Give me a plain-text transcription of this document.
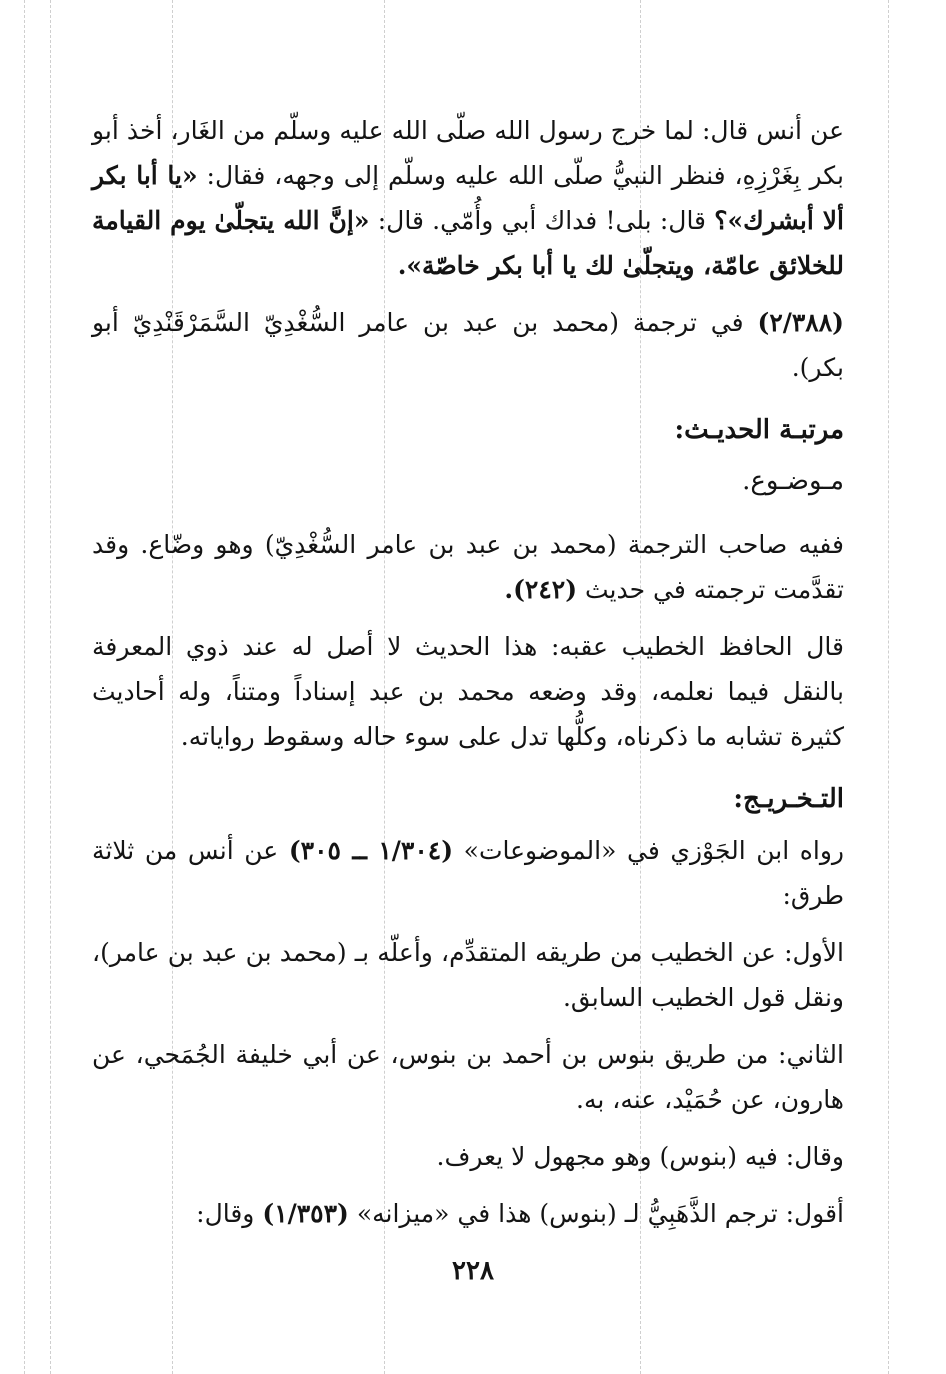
عن أنس قال: لما خرج رسول الله صلّى الله عليه وسلّم من الغَار، أخذ أبو بكر بِغَرْزِهِ، فنظر النبيُّ صلّى الله عليه وسلّم إلى وجهه، فقال: «يا أبا بكر ألا أبشرك»؟ قال: بلى! فداك أبي وأُمّي. قال: «إنَّ الله يتجلّىٰ يوم القيامة للخلائق عامّة، ويتجلّىٰ لك يا أبا بكر خاصّة».

(٢/٣٨٨) في ترجمة (محمد بن عبد بن عامر السُّغْدِيّ السَّمَرْقَنْدِيّ أبو بكر).

مرتبـة الحديـث:
مـوضـوع.

ففيه صاحب الترجمة (محمد بن عبد بن عامر السُّغْدِيّ) وهو وضّاع. وقد تقدَّمت ترجمته في حديث (٢٤٢).

قال الحافظ الخطيب عقبه: هذا الحديث لا أصل له عند ذوي المعرفة بالنقل فيما نعلمه، وقد وضعه محمد بن عبد إسناداً ومتناً، وله أحاديث كثيرة تشابه ما ذكرناه، وكلُّها تدل على سوء حاله وسقوط رواياته.

التـخـريـج:

رواه ابن الجَوْزي في «الموضوعات» (١/٣٠٤ ــ ٣٠٥) عن أنس من ثلاثة طرق:

الأول: عن الخطيب من طريقه المتقدِّم، وأعلّه بـ (محمد بن عبد بن عامر)، ونقل قول الخطيب السابق.

الثاني: من طريق بنوس بن أحمد بن بنوس، عن أبي خليفة الجُمَحي، عن هارون، عن حُمَيْد، عنه، به.

وقال: فيه (بنوس) وهو مجهول لا يعرف.

أقول: ترجم الذَّهَبِيُّ لـ (بنوس) هذا في «ميزانه» (١/٣٥٣) وقال:

٢٢٨
